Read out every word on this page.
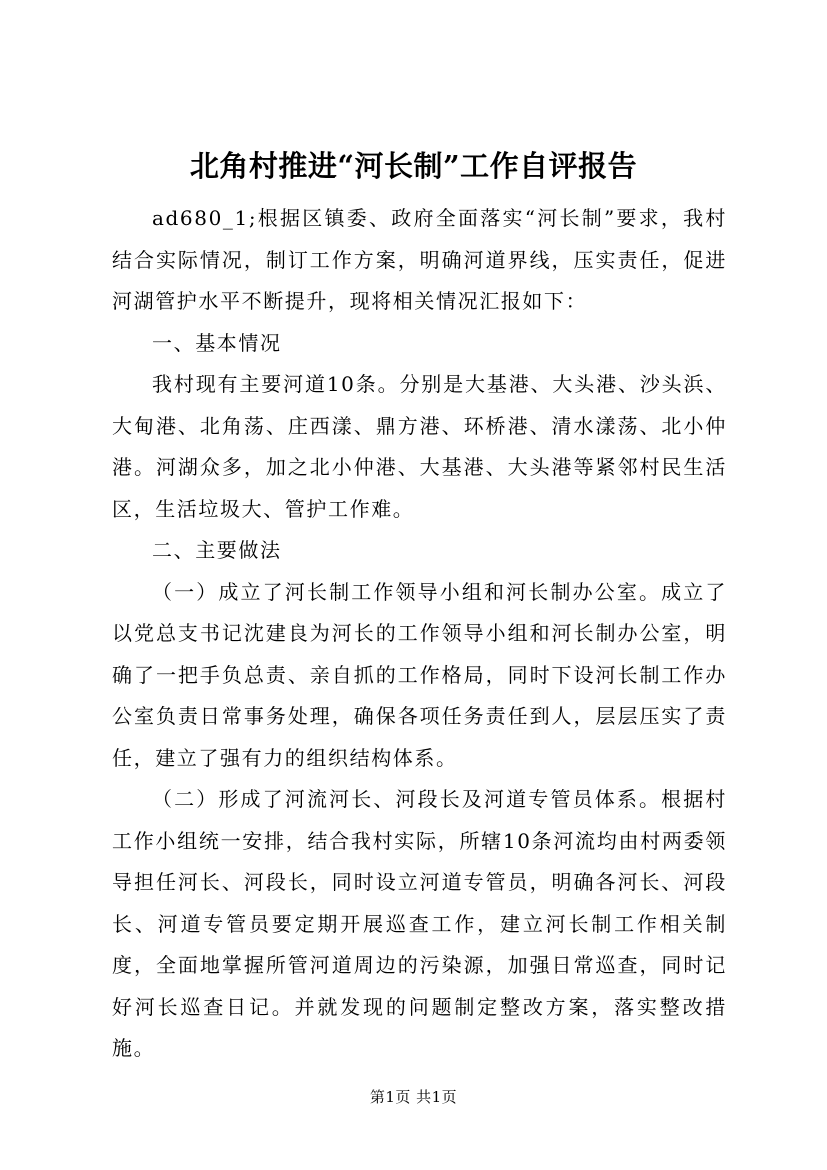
北角村推进“河长制”工作自评报告

ad680_1;根据区镇委、政府全面落实“河长制”要求，我村结合实际情况，制订工作方案，明确河道界线，压实责任，促进河湖管护水平不断提升，现将相关情况汇报如下：

一、基本情况

我村现有主要河道10条。分别是大基港、大头港、沙头浜、大甸港、北角荡、庄西漾、鼎方港、环桥港、清水漾荡、北小仲港。河湖众多，加之北小仲港、大基港、大头港等紧邻村民生活区，生活垃圾大、管护工作难。

二、主要做法

（一）成立了河长制工作领导小组和河长制办公室。成立了以党总支书记沈建良为河长的工作领导小组和河长制办公室，明确了一把手负总责、亲自抓的工作格局，同时下设河长制工作办公室负责日常事务处理，确保各项任务责任到人，层层压实了责任，建立了强有力的组织结构体系。

（二）形成了河流河长、河段长及河道专管员体系。根据村工作小组统一安排，结合我村实际，所辖10条河流均由村两委领导担任河长、河段长，同时设立河道专管员，明确各河长、河段长、河道专管员要定期开展巡查工作，建立河长制工作相关制度，全面地掌握所管河道周边的污染源，加强日常巡查，同时记好河长巡查日记。并就发现的问题制定整改方案，落实整改措施。

第1页 共1页
